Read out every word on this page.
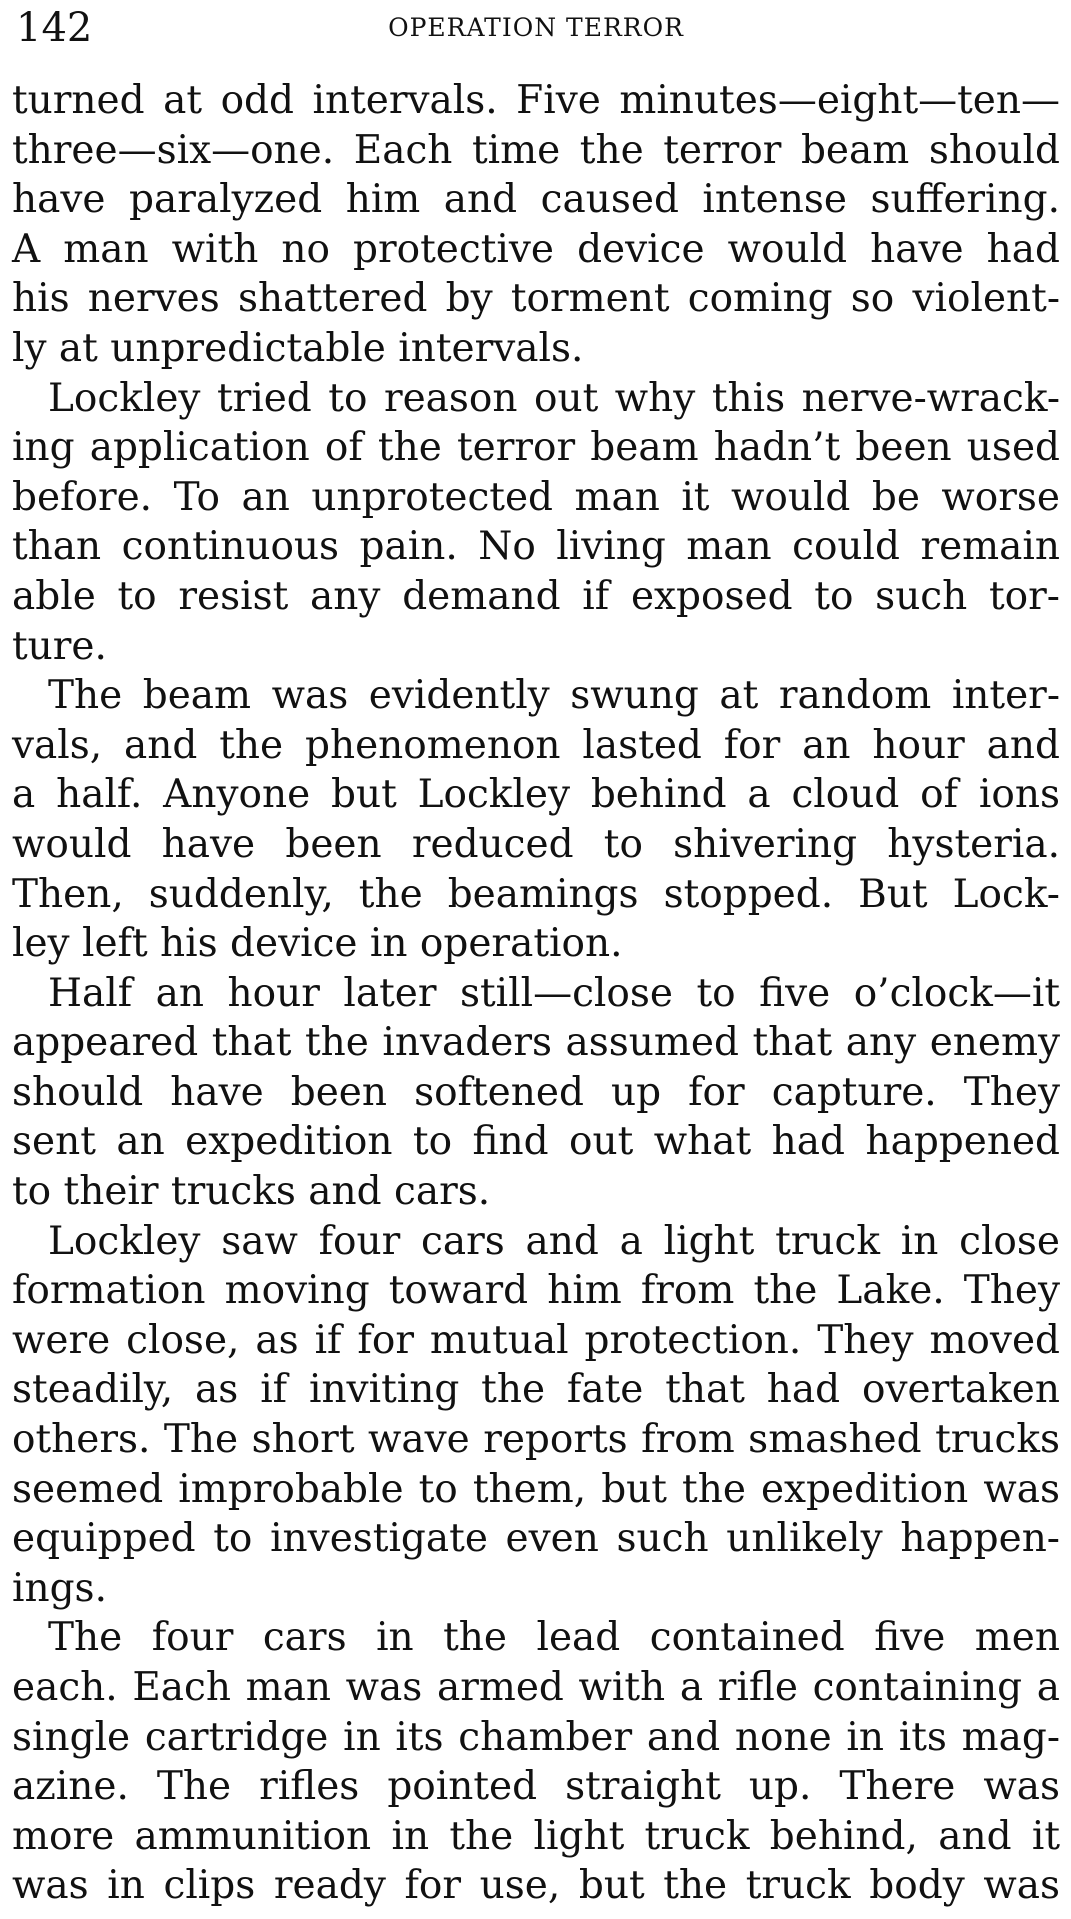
142	OPERATION TERROR
turned at odd intervals. Five minutes—eight—ten—
three—six—one. Each time the terror beam should
have paralyzed him and caused intense suffering.
A man with no protective device would have had
his nerves shattered by torment coming so violent-
ly at unpredictable intervals.
Lockley tried to reason out why this nerve-wrack-
ing application of the terror beam hadn’t been used
before. To an unprotected man it would be worse
than continuous pain. No living man could remain
able to resist any demand if exposed to such tor-
ture.
The beam was evidently swung at random inter-
vals, and the phenomenon lasted for an hour and
a half. Anyone but Lockley behind a cloud of ions
would have been reduced to shivering hysteria.
Then, suddenly, the beamings stopped. But Lock-
ley left his device in operation.
Half an hour later still—close to five o’clock—it
appeared that the invaders assumed that any enemy
should have been softened up for capture. They
sent an expedition to find out what had happened
to their trucks and cars.
Lockley saw four cars and a light truck in close
formation moving toward him from the Lake. They
were close, as if for mutual protection. They moved
steadily, as if inviting the fate that had overtaken
others. The short wave reports from smashed trucks
seemed improbable to them, but the expedition was
equipped to investigate even such unlikely happen-
ings.
The four cars in the lead contained five men
each. Each man was armed with a rifle containing a
single cartridge in its chamber and none in its mag-
azine. The rifles pointed straight up. There was
more ammunition in the light truck behind, and it
was in clips ready for use, but the truck body was
